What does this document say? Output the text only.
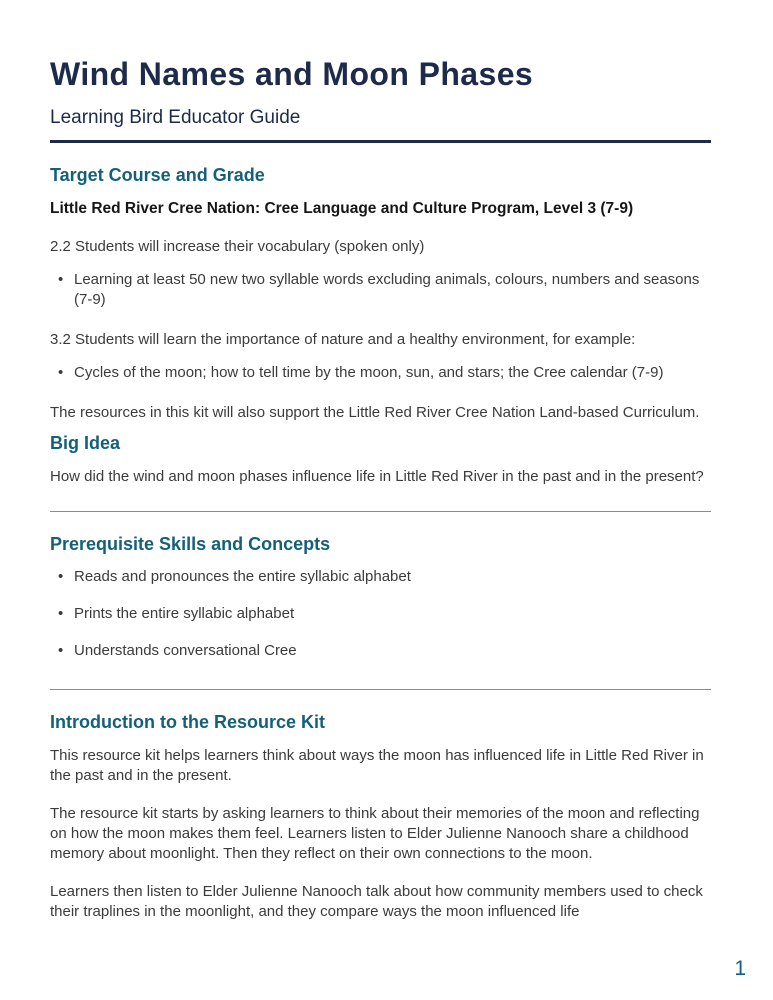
Wind Names and Moon Phases

Learning Bird Educator Guide

Target Course and Grade

Little Red River Cree Nation: Cree Language and Culture Program, Level 3 (7-9)

2.2 Students will increase their vocabulary (spoken only)

• Learning at least 50 new two syllable words excluding animals, colours, numbers and seasons (7-9)

3.2 Students will learn the importance of nature and a healthy environment, for example:

• Cycles of the moon; how to tell time by the moon, sun, and stars; the Cree calendar (7-9)

The resources in this kit will also support the Little Red River Cree Nation Land-based Curriculum.

Big Idea

How did the wind and moon phases influence life in Little Red River in the past and in the present?

Prerequisite Skills and Concepts
• Reads and pronounces the entire syllabic alphabet
• Prints the entire syllabic alphabet
• Understands conversational Cree
Introduction to the Resource Kit

This resource kit helps learners think about ways the moon has influenced life in Little Red River in the past and in the present.

The resource kit starts by asking learners to think about their memories of the moon and reflecting on how the moon makes them feel. Learners listen to Elder Julienne Nanooch share a childhood memory about moonlight. Then they reflect on their own connections to the moon.

Learners then listen to Elder Julienne Nanooch talk about how community members used to check their traplines in the moonlight, and they compare ways the moon influenced life

1
